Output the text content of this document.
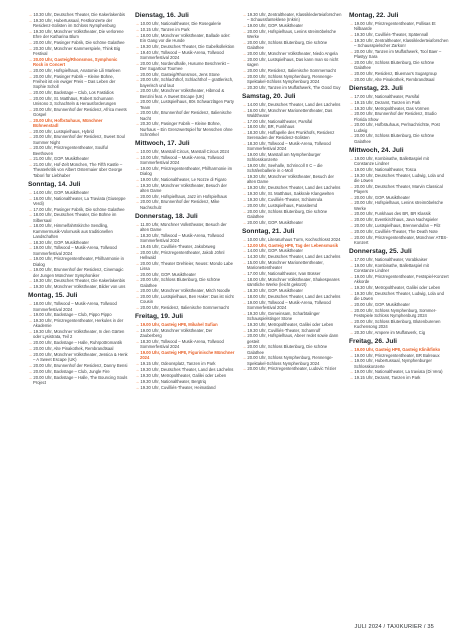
→ 10.30 Uhr, Deutsches Theater, Die Kakerlakenbis
→ 19.30 Uhr, Hubertussaal, Festkonzerte der Residenz-Solisten im Schloss Nymphenburg
→ 19.30 Uhr, Münchner Volkstheater, Die verlorene Ehre der Katharina Blum
→ 20.00 Uhr, Pasinger Fabrik, Die schöne Galathee
→ 20.30 Uhr, Münchner Kammerspiele, Think Big Festival
→ 20.00 Uhr, Gasteig/Rhonsmos, Symphonic Rock in Concert
→ 20.00 Uhr, Hofspielhaus, Anatomie Lili Marleen
→ 20.00 Uhr, Pasinger Fabrik – Kleine Bühne, Freiheit ist ein ewiger Preis – Das Leben der Sophie Scholl
→ 20.00 Uhr, Backstage – Club, Los Fastidios
→ 20.00 Uhr, St. Matthäus, Robert Schumann Unisono 3, Schachteln & Herausforderungen
→ 20.00 Uhr, Brunnenhof der Residenz, Africa meets Gospel
→ 20.00 Uhr, Hofbräuhaus, Münchner Bühnenstadl
→ 20.00 Uhr, Lustspielhaus, Hybrid
→ 20.00 Uhr, Brunnenhof der Residenz, Sweet Soul Summer Night
→ 20.00 Uhr, Prinzregententheater, Soulful Beethoven
→ 21.00 Uhr, GOP. Musiktheater
→ 21.00 Uhr, Hof-Zelt München, The Fifth Kastle – Theaterkritik von Albert Ostermaier über George Tabori für Liebhaber
Sonntag, 14. Juli
→ 14.00 Uhr, GOP. Musiktheater
→ 16.00 Uhr, Nationaltheater, La Traviata (Giuseppe Verdi)
→ 17.00 Uhr, Pasinger Fabrik, Die schöne Galathee
→ 18.00 Uhr, Deutsches Theater, Die Bühne im Silbersaal
→ 18.00 Uhr, Himmelfahrtskirche Sendling, Kammermusik-Volxmusik aus traditionellen Landschaften
→ 18.30 Uhr, GOP. Musiktheater
→ 19.00 Uhr, Tollwood – Musik-Arena, Tollwood Sommerfestival 2024
→ 19.00 Uhr, Prinzregententheater, Philharmonie in Dialog
→ 19.00 Uhr, Brunnenhof der Residenz, Cinemagic der Jungen Münchner Symphoniker
→ 19.30 Uhr, Deutsches Theater, Die Kakerlakenbis
→ 19.30 Uhr, Münchner Volkstheater, Bilder von uns
Montag, 15. Juli
→ 18.00 Uhr, Tollwood – Musik-Arena, Tollwood Sommerfestival 2024
→ 19.00 Uhr, Backstage – Club, Pippo Pippo
→ 19.30 Uhr, Prinzregententheater, Herkules in der Akademie
→ 19.30 Uhr, Münchner Volkstheater, In den Gärten oder Lysistrata, Teil 2
→ 20.00 Uhr, Backstage – Halle, Ruhrpottromantik
→ 20.00 Uhr, Alte Pinakothek, Rembrandtsaal
→ 20.00 Uhr, Münchner Volkstheater, Jessica & Henk – A Sweet Escape (UK)
→ 20.00 Uhr, Brunnenhof der Residenz, Danny Bensi
→ 20.00 Uhr, Backstage – Club, Jungle Fire
→ 20.00 Uhr, Backstage – Halle, The Bouncing Souls Project
Dienstag, 16. Juli
→ 10.00 Uhr, Nationaltheater, Die Rosegalerie
→ 10.15 Uhr, Tanzen im Park
→ 18.00 Uhr, Münchner Volkstheater, Ballade oder: Ein Gang vor die Hunde
→ 19.30 Uhr, Deutsches Theater, Die Gabelkollektion
→ 19.40 Uhr, Tollwood – Musik-Arena, Tollwood Sommerfestival 2024
→ 20.00 Uhr, Nordendhalle, Husume Beschrenkt – Der Sugartour Tournee
→ 20.00 Uhr, Gasteig/Rhonsmos, Jens Stone
→ 20.00 Uhr, Schlachthof, Schlachthof – grattlerisch, bayerisch und laut
→ 20.00 Uhr, Münchner Volkstheater, Hibmod & Benzini feat. A Sweet Escape (UK)
→ 20.00 Uhr, Lustspielhaus, 80s Schwarzlägen Party Team
→ 20.00 Uhr, Brunnenhof der Residenz, Italienische Nacht
→ 20.30 Uhr, Pasinger Fabrik – Kleine Bühne, Nurhaus – Ein Grenzwertspiel für Menschen ohne Schnörkel
Mittwoch, 17. Juli
→ 10.00 Uhr, Marstall Circus, Marstall Circus 2024
→ 10.00 Uhr, Tollwood – Musik-Arena, Tollwood Sommerfestival 2024
→ 19.00 Uhr, Prinzregententheater, Philharmonie im Dialog
→ 19.00 Uhr, Nationaltheater, Le Nozze di Figaro
→ 19.30 Uhr, Münchner Volkstheater, Besuch der alten Dame
→ 20.00 Uhr, Hofspielhaus, Jazz im Hofspielhaus
→ 20.00 Uhr, Brunnenhof der Residenz, Mike Nachschulz
Donnerstag, 18. Juli
→ 11.00 Uhr, Münchner Volkstheater, Besuch der alten Dame
→ 18.30 Uhr, Tollwood – Musik-Arena, Tollwood Sommerfestival 2024
→ 19.45 Uhr, Cuvilliés-Theater, Jakobsweg
→ 20.00 Uhr, Prinzregententheater, Jakob Jöhnl Hellwald
→ 20.00 Uhr, Theater Drehleier, Neuss: Mondo Labe Lissa
→ 20.00 Uhr, GOP. Musiktheater
→ 20.00 Uhr, Schloss Blutenburg, Die schöne Galathee
→ 20.00 Uhr, Münchner Volkstheater, Mitch Noodle
→ 20.00 Uhr, Lustspielhaus, Ben Haker: Das ist nicht Cousin
→ 20.00 Uhr, Residenz, Italienische Sommernacht
Freitag, 19. Juli
→ 19.00 Uhr, Gasteig HP8, Mikahel Sufian
→ 19.00 Uhr, Münchner Volkstheater, Der Zauberberg
→ 18.30 Uhr, Tollwood – Musik-Arena, Tollwood Sommerfestival 2024
→ 19.00 Uhr, Gasteig HP8, Figurinische Münchner 2024
→ 19.15 Uhr, Odeonsplatz, Tanzen im Park
→ 19.30 Uhr, Deutsches Theater, Land des Lächelns
→ 19.30 Uhr, Metropoltheater, Galilei oder Leben
→ 19.30 Uhr, Nationaltheater, Bergtriq
→ 19.30 Uhr, Cuvilliés-Theater, Heimatland
→ 19.30 Uhr, Zentraltheater, Klassiklederteiaforschen – Schaussfanteklese (Inkrin)
→ 19.00 Uhr, GOP. Musiktheater
→ 20.00 Uhr, Hofspielhaus, Lenins streimöbelsche Werke
→ 20.00 Uhr, Schloss Blutenburg, Die schöne Galathee
→ 20.00 Uhr, Münchner Volkstheater, Niedo Angela
→ 20.00 Uhr, Lustspielhaus, Das kann man so nicht sagen
→ 20.00 Uhr, Residenz, Italienische Sommernacht
→ 20.00 Uhr, Schloss Nymphenburg, Rennenge-Spektakel-Schloss Nymphenburg 2024
→ 20.30 Uhr, Tanzen im Muffathwerk, The Good Guy
Samstag, 20. Juli
→ 14.00 Uhr, Deutsches Theater, Land des Lächelns
→ 16.00 Uhr, Münchner Marionettentheater, Das Waldtheater
→ 17.00 Uhr, Nationaltheater, Parsifal
→ 18.00 Uhr, BR, Funkhaus
→ 18.30 Uhr, Hoffapelle des Prunkhofs, Residenz Serenaden der Residenz-Solisten
→ 18.30 Uhr, Tollwood – Musik-Arena, Tollwood Sommerfestival 2024
→ 19.00 Uhr, Marstall am Nymphenburger Schlosskonzerte
→ 19.00 Uhr, Seehalle, Schrincoll II C – die Schäfenballerie in c-Moll
→ 19.30 Uhr, Münchner Volkstheater, Besuch der alten Dame
→ 19.30 Uhr, Deutsches Theater, Land des Lächelns
→ 19.30 Uhr, St. Matthäus, Sakkrale Klangwelten
→ 19.30 Uhr, Cuvilliés-Theater, Schlamrula
→ 20.00 Uhr, Lustspielhaus, Parasiternd
→ 20.00 Uhr, Schloss Blutenburg, Die schöne Galathee
→ 20.00 Uhr, GOP. Musiktheater
Sonntag, 21. Juli
→ 10.00 Uhr, Literaturhaus Turm, Kochschlosst 2024
→ 12.00 Uhr, Gasteig HP8, Tag der Lebensmusik
→ 14.00 Uhr, GOP. Musiktheater
→ 14.30 Uhr, Deutsches Theater, Land des Lächelns
→ 15.00 Uhr, Münchner Marionettentheater, Marionettentheater
→ 17.00 Uhr, Nationaltheater, Ivan Büsser
→ 18.00 Uhr, Münchner Volkstheater, Shakespeares sämtliche Werke (leicht gekürzt)
→ 18.30 Uhr, GOP. Musiktheater
→ 18.00 Uhr, Deutsches Theater, Land des Lächelns
→ 19.00 Uhr, Tollwood – Musik-Arena, Tollwood Sommerfestival 2024
→ 19.30 Uhr, Gemeinsam, Scharbtalinger Schauspielstinger Stone
→ 19.30 Uhr, Metropoltheater, Galilei oder Leben
→ 19.30 Uhr, Cuvilliés-Theater, Schamrulf
→ 20.00 Uhr, Hofspielhaus, Abeer redet sowie dann gesteit
→ 20.00 Uhr, Schloss Blutenburg, Die schöne Galathee
→ 20.00 Uhr, Schloss Nymphenburg, Rennenge-Spektakel-Schloss Nymphenburg 2024
→ 20.00 Uhr, Prinzregententheater, Ludovic Tézier
Montag, 22. Juli
→ 19.00 Uhr, Prinzregententheater, Pollisas Et Nilbaarde
→ 19.30 Uhr, Cuvilliés-Theater, Spätennall
→ 19.30 Uhr, Zentraltheater, Klassiklederteiaforschen – Schausspielscher Zarkon!
→ 20.00 Uhr, Tanzen im Muffathwerk, Tool Baer – Plastyy Sara
→ 20.00 Uhr, Schloss Blutenburg, Die schöne Galathee
→ 20.00 Uhr, Residenz, Bluemax's Sugargroup
→ 20.00 Uhr, Alte Pinakothek, Rembrandtsaal
Dienstag, 23. Juli
→ 17.00 Uhr, Nationaltheater, Parsifal
→ 19.15 Uhr, Dezamt, Tanzen im Park
→ 19.30 Uhr, Metropoltheater, Das Vormen
→ 20.00 Uhr, Brunnenhof der Residenz, Studio Florida Show
→ 20.00 Uhr, Hofbräuhaus, Perlnachrichtte, Post Ludwig
→ 20.00 Uhr, Schloss Blutenburg, Die schöne Galathee
Mittwoch, 24. Juli
→ 19.00 Uhr, Kombinathe, Ballettaspiel mit Constanze Lindner
→ 19.00 Uhr, Nationaltheater, Tosca
→ 19.30 Uhr, Deutsches Theater, Ludwig, Lola und die Löwen
→ 20.00 Uhr, Deutsches Theater, Marvin Classical Players
→ 20.00 Uhr, GOP. Musiktheater
→ 20.00 Uhr, Hofspielhaus, Lenins streimöbelsche Werke
→ 20.00 Uhr, Funkhaus des BR, BR Klassik
→ 20.00 Uhr, Eventkirchhaus, Java Nachspieler
→ 20.00 Uhr, Lustspielhaus, Brennendufan – Pilz
→ 20.00 Uhr, Cuvilliés-Theater, The Death Note
→ 20.00 Uhr, Prinzregententheater, Münchner ATBS-Konzert
Donnerstag, 25. Juli
→ 17.00 Uhr, Nationaltheater, Vorabkaiser
→ 19.00 Uhr, Kombinathe, Ballettaspiel mit Constanze Lindner
→ 19.00 Uhr, Prinzregententheater, Festspiel-Konzert Akkorde
→ 19.30 Uhr, Metropoltheater, Galilei oder Leben
→ 19.30 Uhr, Deutsches Theater, Ludwig, Lola und die Löwen
→ 20.00 Uhr, GOP. Musiktheater
→ 20.00 Uhr, Schloss Nymphenburg, Sommer-Festspiele Schloss Nymphenburg 2024
→ 20.00 Uhr, Schloss Blutenburg, Blutenburenen Kuchensong 2024
→ 20.30 Uhr, Ampere im Muffatwerk, Cig
Freitag, 26. Juli
→ 19.00 Uhr, Gasteig HP8, Gasteig Klinikfinko
→ 19.00 Uhr, Prinzregententheater, BR Balreaux
→ 19.00 Uhr, Hubertussaal, Nymphenburger Schlosskonzerte
→ 19.00 Uhr, Nationaltheater, La traviata (Di Vera)
→ 19.15 Uhr, Dezamt, Tanzen im Park
JULI 2024 / TAXIKURIER / 35
